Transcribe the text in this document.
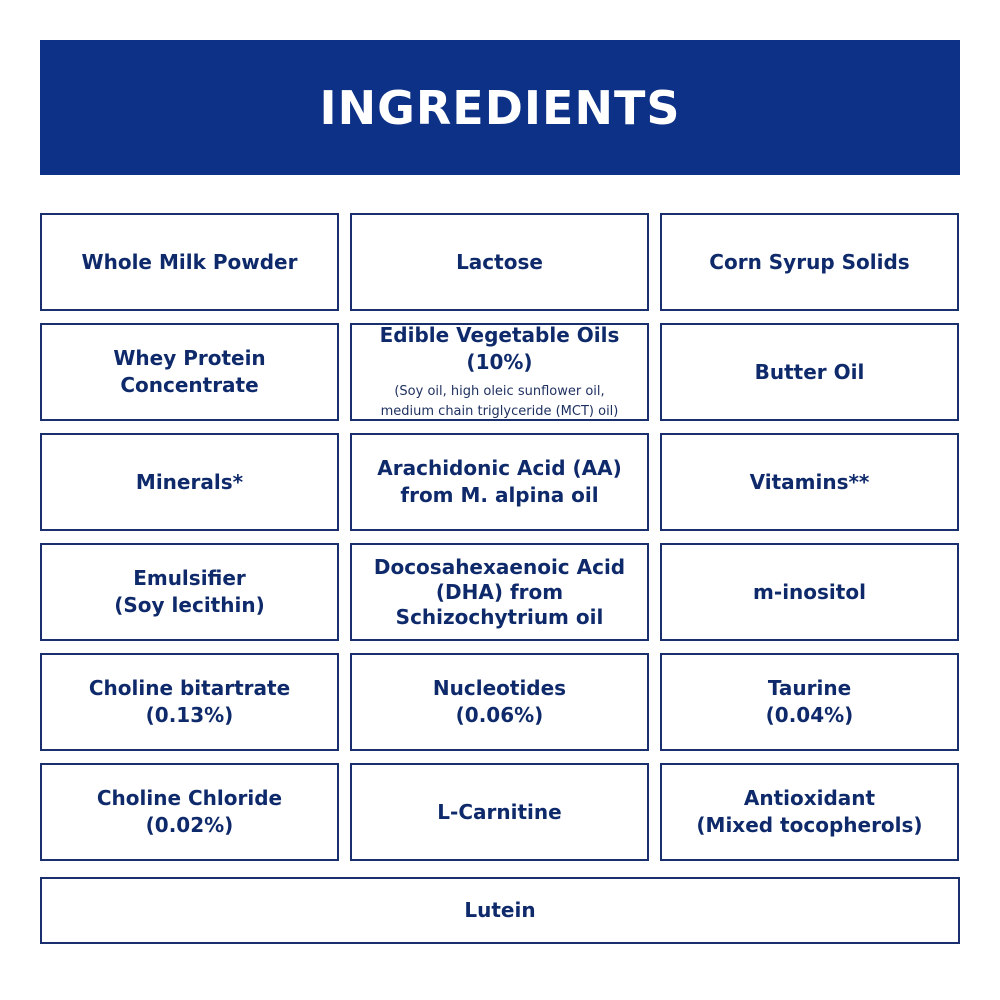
INGREDIENTS
Whole Milk Powder	Lactose	Corn Syrup Solids
Whey Protein
Concentrate
Edible Vegetable Oils (10%)
(Soy oil, high oleic sunflower oil,
medium chain triglyceride (MCT) oil)
Butter Oil
Minerals*
Arachidonic Acid (AA)
from M. alpina oil
Vitamins**
Emulsifier
(Soy lecithin)
Docosahexaenoic Acid
(DHA) from
Schizochytrium oil
m-inositol
Choline bitartrate
(0.13%)
Nucleotides
(0.06%)
Taurine
(0.04%)
Choline Chloride
(0.02%)
L-Carnitine
Antioxidant
(Mixed tocopherols)
Lutein
